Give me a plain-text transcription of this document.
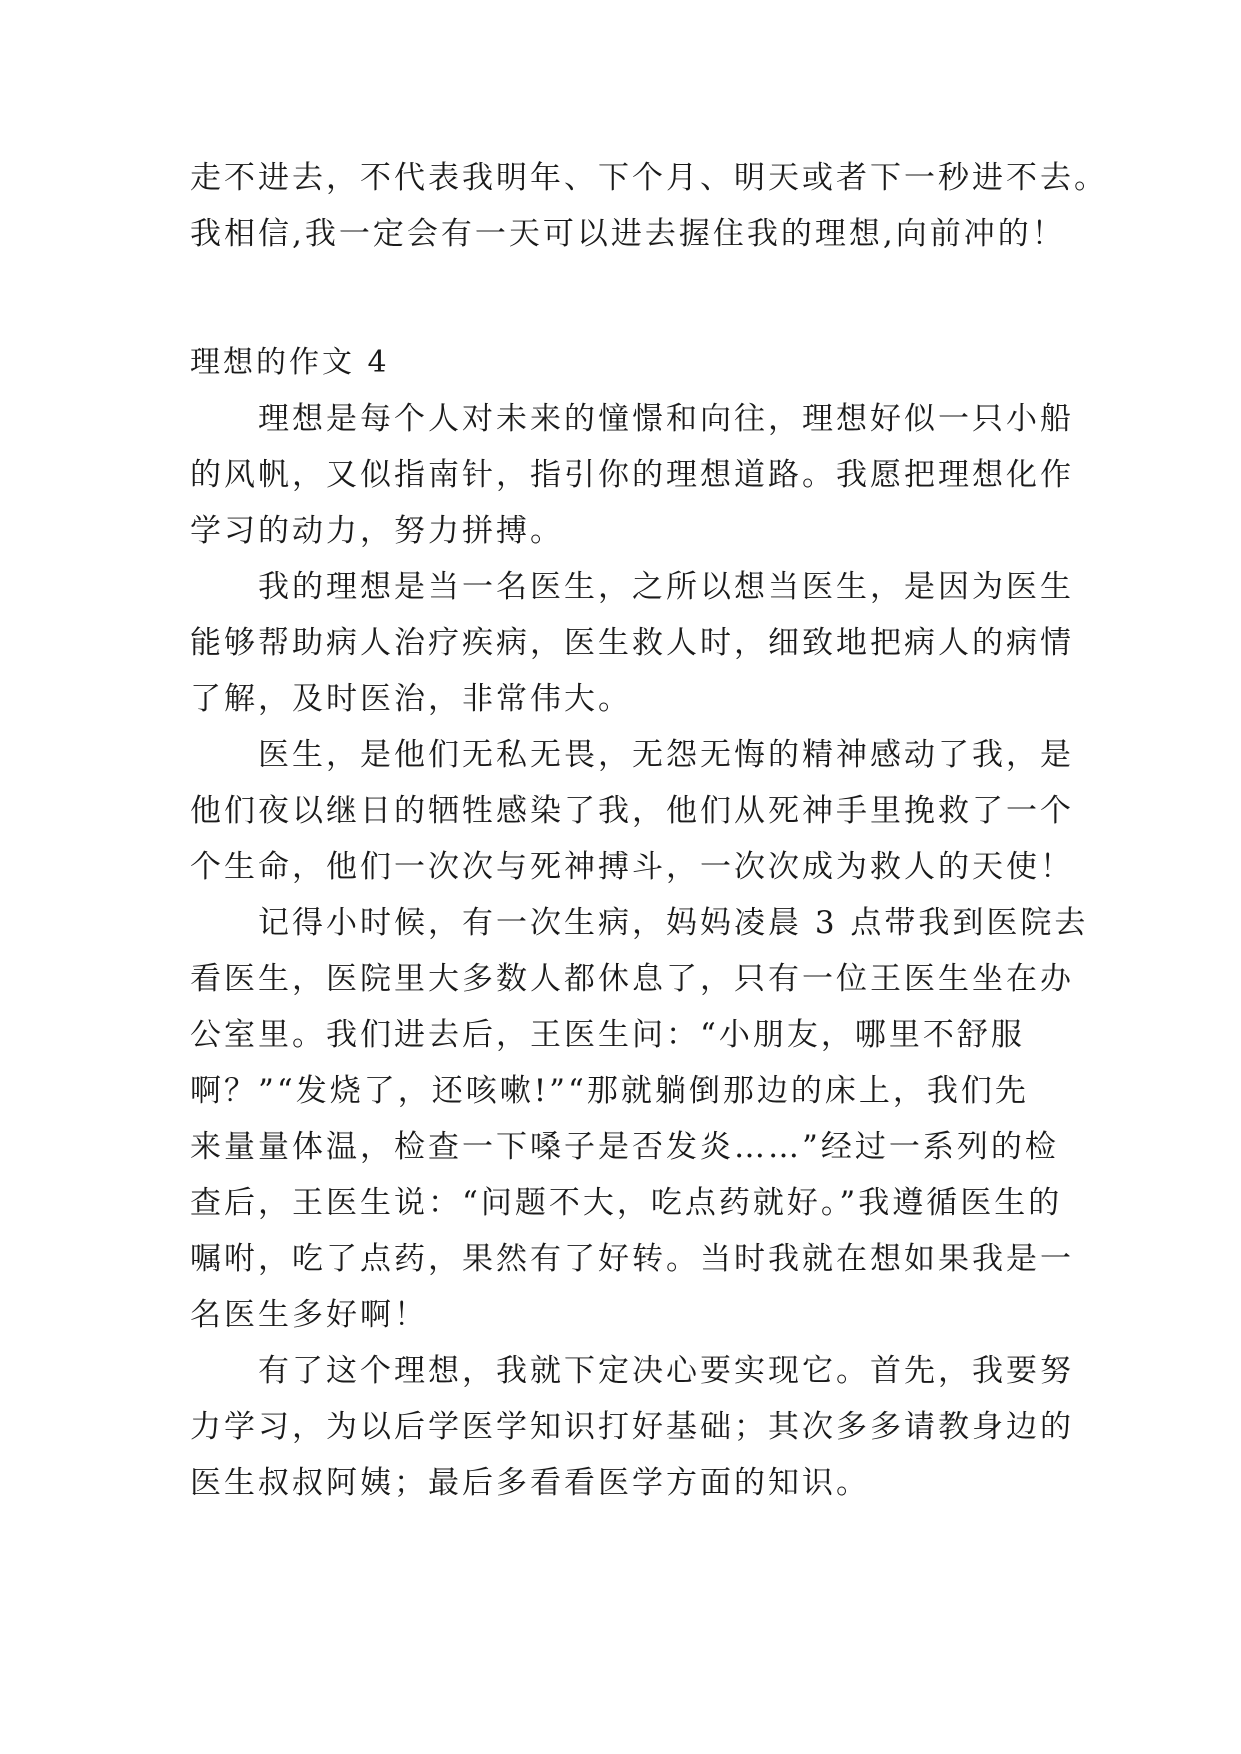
走不进去，不代表我明年、下个月、明天或者下一秒进不去。
我相信,我一定会有一天可以进去握住我的理想,向前冲的！
理想的作文 4
理想是每个人对未来的憧憬和向往，理想好似一只小船
的风帆，又似指南针，指引你的理想道路。我愿把理想化作
学习的动力，努力拼搏。
我的理想是当一名医生，之所以想当医生，是因为医生
能够帮助病人治疗疾病，医生救人时，细致地把病人的病情
了解，及时医治，非常伟大。
医生，是他们无私无畏，无怨无悔的精神感动了我，是
他们夜以继日的牺牲感染了我，他们从死神手里挽救了一个
个生命，他们一次次与死神搏斗，一次次成为救人的天使！
记得小时候，有一次生病，妈妈凌晨 3 点带我到医院去
看医生，医院里大多数人都休息了，只有一位王医生坐在办
公室里。我们进去后，王医生问：“小朋友，哪里不舒服
啊？”“发烧了，还咳嗽!”“那就躺倒那边的床上，我们先
来量量体温，检查一下嗓子是否发炎……”经过一系列的检
查后，王医生说：“问题不大，吃点药就好。”我遵循医生的
嘱咐，吃了点药，果然有了好转。当时我就在想如果我是一
名医生多好啊！
有了这个理想，我就下定决心要实现它。首先，我要努
力学习，为以后学医学知识打好基础；其次多多请教身边的
医生叔叔阿姨；最后多看看医学方面的知识。
